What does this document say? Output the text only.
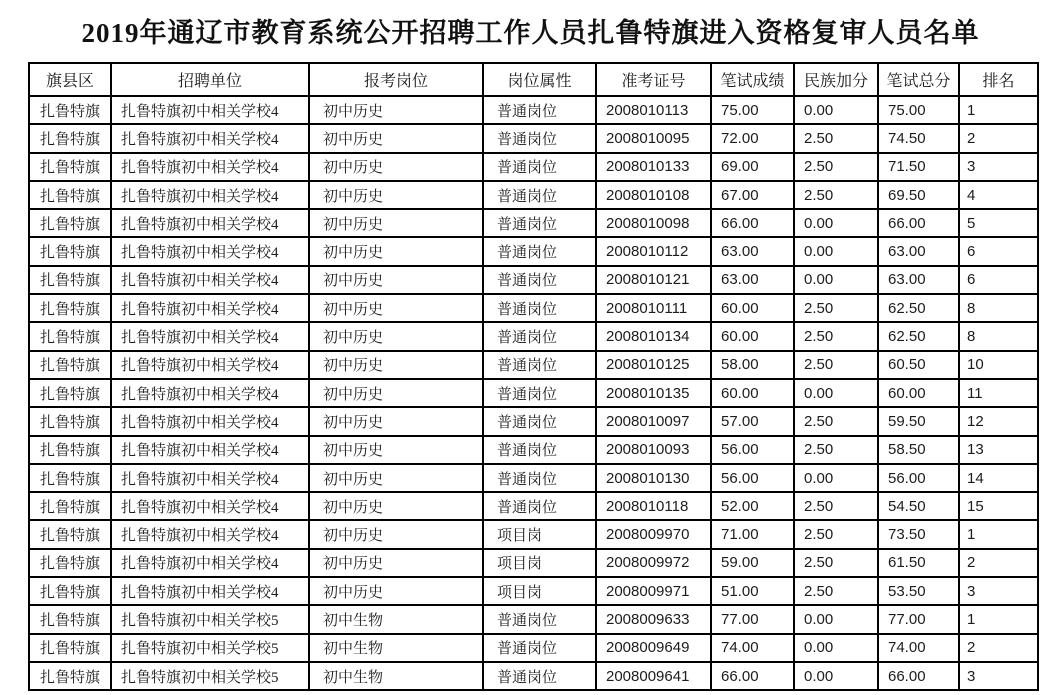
2019年通辽市教育系统公开招聘工作人员扎鲁特旗进入资格复审人员名单
旗县区	招聘单位	报考岗位	岗位属性	准考证号	笔试成绩	民族加分	笔试总分	排名
扎鲁特旗	扎鲁特旗初中相关学校4	初中历史	普通岗位	2008010113	75.00	0.00	75.00	1
扎鲁特旗	扎鲁特旗初中相关学校4	初中历史	普通岗位	2008010095	72.00	2.50	74.50	2
扎鲁特旗	扎鲁特旗初中相关学校4	初中历史	普通岗位	2008010133	69.00	2.50	71.50	3
扎鲁特旗	扎鲁特旗初中相关学校4	初中历史	普通岗位	2008010108	67.00	2.50	69.50	4
扎鲁特旗	扎鲁特旗初中相关学校4	初中历史	普通岗位	2008010098	66.00	0.00	66.00	5
扎鲁特旗	扎鲁特旗初中相关学校4	初中历史	普通岗位	2008010112	63.00	0.00	63.00	6
扎鲁特旗	扎鲁特旗初中相关学校4	初中历史	普通岗位	2008010121	63.00	0.00	63.00	6
扎鲁特旗	扎鲁特旗初中相关学校4	初中历史	普通岗位	2008010111	60.00	2.50	62.50	8
扎鲁特旗	扎鲁特旗初中相关学校4	初中历史	普通岗位	2008010134	60.00	2.50	62.50	8
扎鲁特旗	扎鲁特旗初中相关学校4	初中历史	普通岗位	2008010125	58.00	2.50	60.50	10
扎鲁特旗	扎鲁特旗初中相关学校4	初中历史	普通岗位	2008010135	60.00	0.00	60.00	11
扎鲁特旗	扎鲁特旗初中相关学校4	初中历史	普通岗位	2008010097	57.00	2.50	59.50	12
扎鲁特旗	扎鲁特旗初中相关学校4	初中历史	普通岗位	2008010093	56.00	2.50	58.50	13
扎鲁特旗	扎鲁特旗初中相关学校4	初中历史	普通岗位	2008010130	56.00	0.00	56.00	14
扎鲁特旗	扎鲁特旗初中相关学校4	初中历史	普通岗位	2008010118	52.00	2.50	54.50	15
扎鲁特旗	扎鲁特旗初中相关学校4	初中历史	项目岗	2008009970	71.00	2.50	73.50	1
扎鲁特旗	扎鲁特旗初中相关学校4	初中历史	项目岗	2008009972	59.00	2.50	61.50	2
扎鲁特旗	扎鲁特旗初中相关学校4	初中历史	项目岗	2008009971	51.00	2.50	53.50	3
扎鲁特旗	扎鲁特旗初中相关学校5	初中生物	普通岗位	2008009633	77.00	0.00	77.00	1
扎鲁特旗	扎鲁特旗初中相关学校5	初中生物	普通岗位	2008009649	74.00	0.00	74.00	2
扎鲁特旗	扎鲁特旗初中相关学校5	初中生物	普通岗位	2008009641	66.00	0.00	66.00	3
